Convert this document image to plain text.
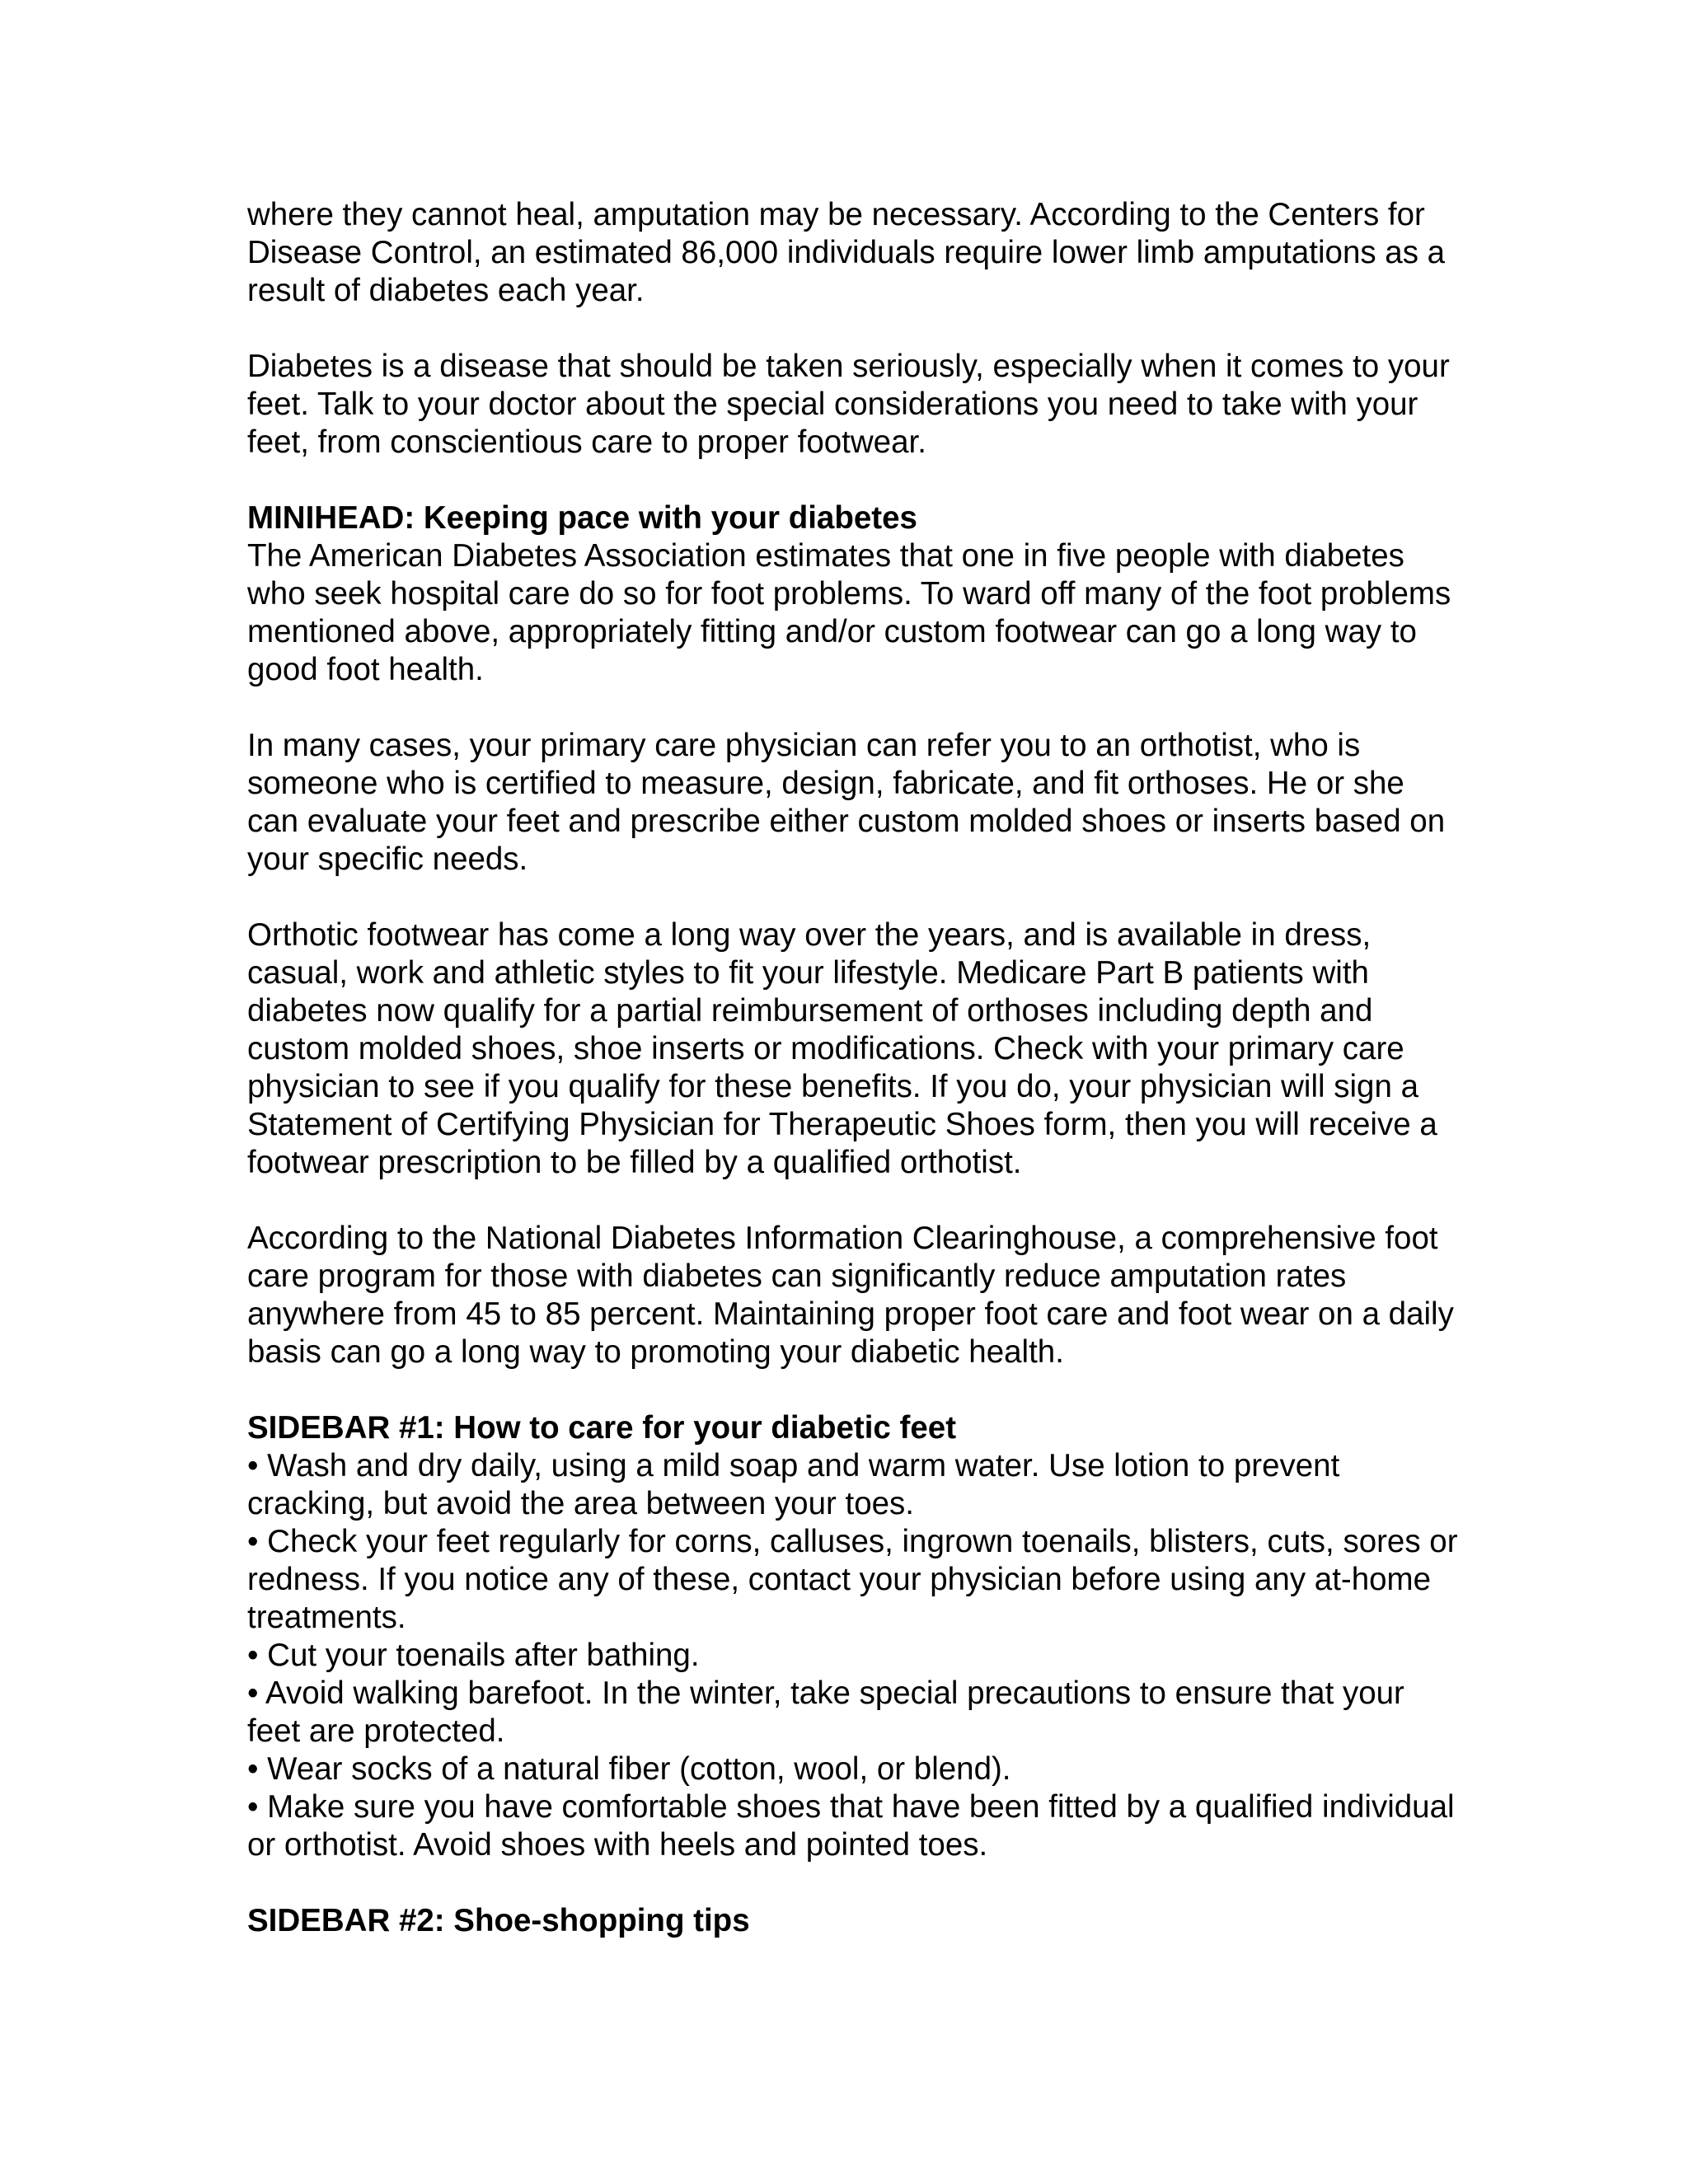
where they cannot heal, amputation may be necessary. According to the Centers for Disease Control, an estimated 86,000 individuals require lower limb amputations as a result of diabetes each year.

Diabetes is a disease that should be taken seriously, especially when it comes to your feet. Talk to your doctor about the special considerations you need to take with your feet, from conscientious care to proper footwear.

MINIHEAD: Keeping pace with your diabetes

The American Diabetes Association estimates that one in five people with diabetes who seek hospital care do so for foot problems. To ward off many of the foot problems mentioned above, appropriately fitting and/or custom footwear can go a long way to good foot health.

In many cases, your primary care physician can refer you to an orthotist, who is someone who is certified to measure, design, fabricate, and fit orthoses. He or she can evaluate your feet and prescribe either custom molded shoes or inserts based on your specific needs.

Orthotic footwear has come a long way over the years, and is available in dress, casual, work and athletic styles to fit your lifestyle. Medicare Part B patients with diabetes now qualify for a partial reimbursement of orthoses including depth and custom molded shoes, shoe inserts or modifications. Check with your primary care physician to see if you qualify for these benefits. If you do, your physician will sign a Statement of Certifying Physician for Therapeutic Shoes form, then you will receive a footwear prescription to be filled by a qualified orthotist.

According to the National Diabetes Information Clearinghouse, a comprehensive foot care program for those with diabetes can significantly reduce amputation rates anywhere from 45 to 85 percent. Maintaining proper foot care and foot wear on a daily basis can go a long way to promoting your diabetic health.

SIDEBAR #1: How to care for your diabetic feet

• Wash and dry daily, using a mild soap and warm water. Use lotion to prevent cracking, but avoid the area between your toes.

• Check your feet regularly for corns, calluses, ingrown toenails, blisters, cuts, sores or redness. If you notice any of these, contact your physician before using any at-home treatments.

• Cut your toenails after bathing.

• Avoid walking barefoot. In the winter, take special precautions to ensure that your feet are protected.

• Wear socks of a natural fiber (cotton, wool, or blend).

• Make sure you have comfortable shoes that have been fitted by a qualified individual or orthotist. Avoid shoes with heels and pointed toes.

SIDEBAR #2: Shoe-shopping tips
